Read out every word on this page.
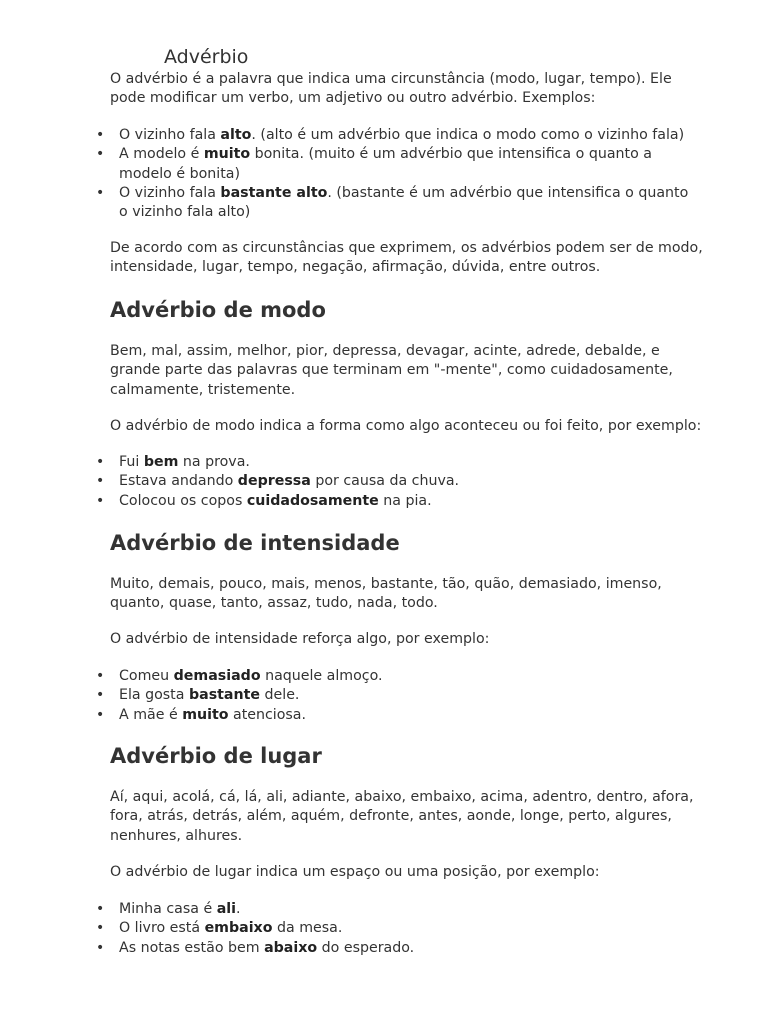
Advérbio

O advérbio é a palavra que indica uma circunstância (modo, lugar, tempo). Ele pode modificar um verbo, um adjetivo ou outro advérbio. Exemplos:

• O vizinho fala alto. (alto é um advérbio que indica o modo como o vizinho fala)
• A modelo é muito bonita. (muito é um advérbio que intensifica o quanto a modelo é bonita)
• O vizinho fala bastante alto. (bastante é um advérbio que intensifica o quanto o vizinho fala alto)

De acordo com as circunstâncias que exprimem, os advérbios podem ser de modo, intensidade, lugar, tempo, negação, afirmação, dúvida, entre outros.

Advérbio de modo

Bem, mal, assim, melhor, pior, depressa, devagar, acinte, adrede, debalde, e grande parte das palavras que terminam em "-mente", como cuidadosamente, calmamente, tristemente.

O advérbio de modo indica a forma como algo aconteceu ou foi feito, por exemplo:

• Fui bem na prova.
• Estava andando depressa por causa da chuva.
• Colocou os copos cuidadosamente na pia.
Advérbio de intensidade

Muito, demais, pouco, mais, menos, bastante, tão, quão, demasiado, imenso, quanto, quase, tanto, assaz, tudo, nada, todo.

O advérbio de intensidade reforça algo, por exemplo:

• Comeu demasiado naquele almoço.
• Ela gosta bastante dele.
• A mãe é muito atenciosa.
Advérbio de lugar

Aí, aqui, acolá, cá, lá, ali, adiante, abaixo, embaixo, acima, adentro, dentro, afora, fora, atrás, detrás, além, aquém, defronte, antes, aonde, longe, perto, algures, nenhures, alhures.

O advérbio de lugar indica um espaço ou uma posição, por exemplo:

• Minha casa é ali.
• O livro está embaixo da mesa.
• As notas estão bem abaixo do esperado.
